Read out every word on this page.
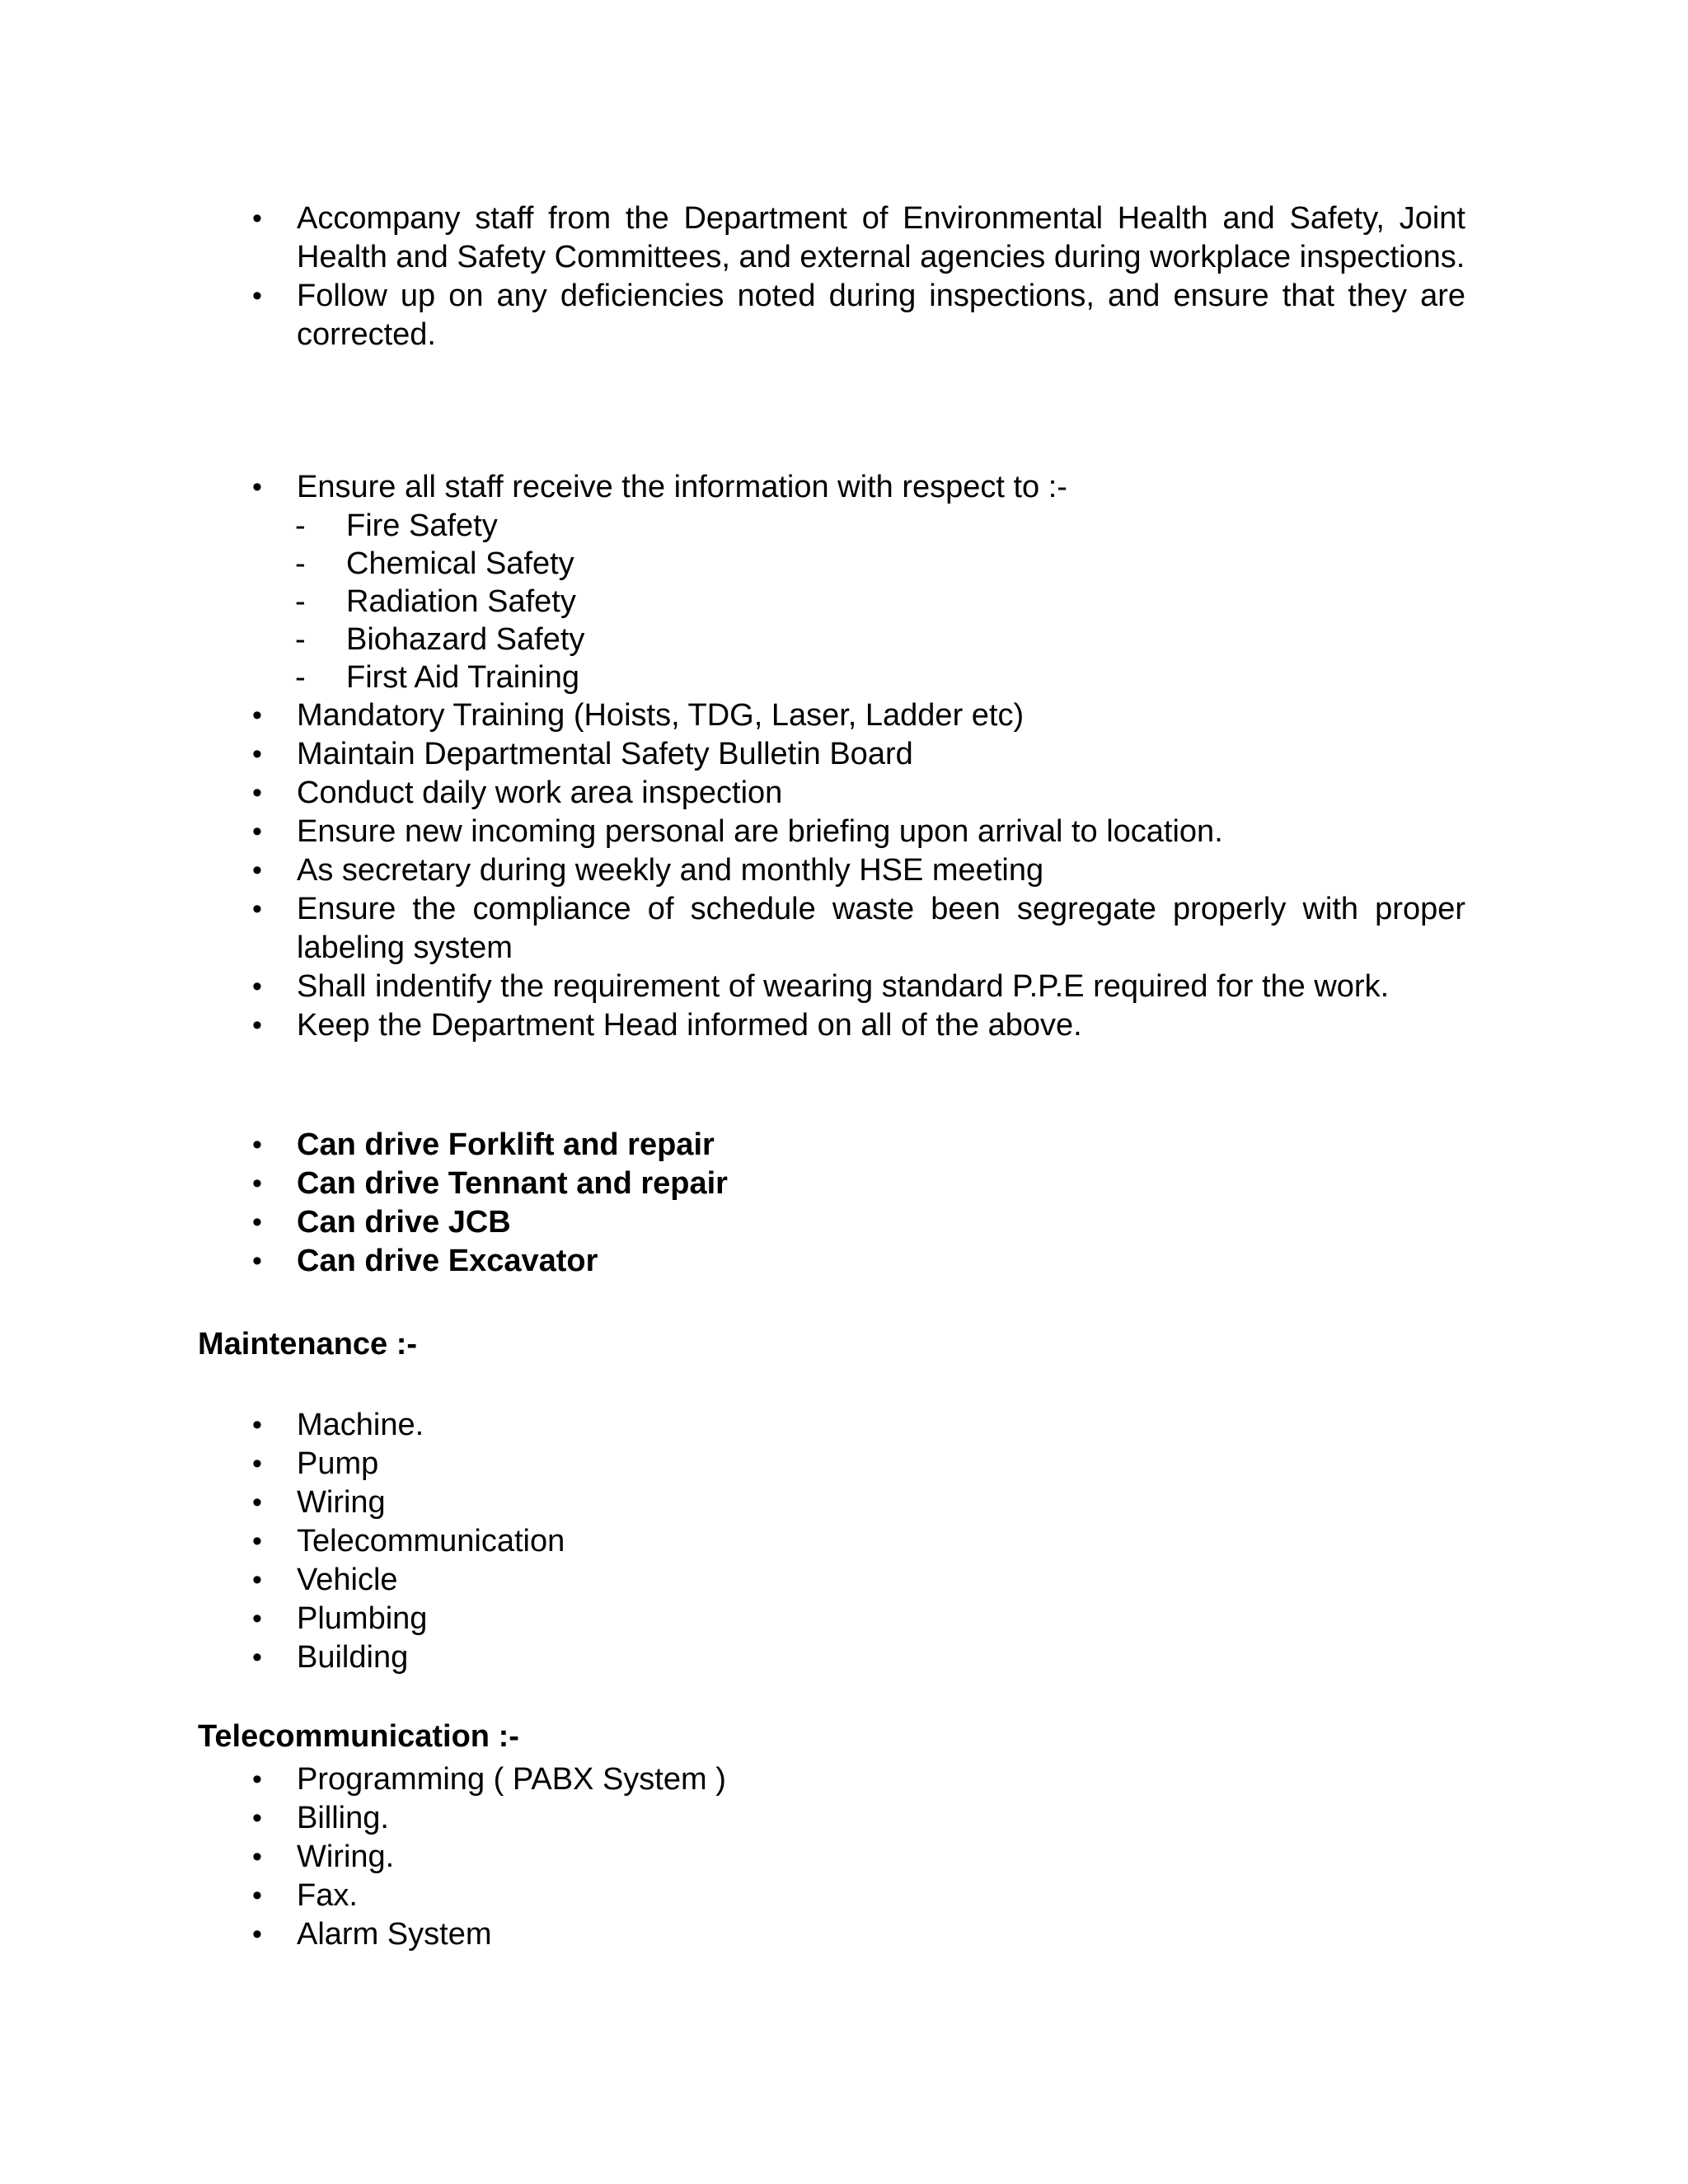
• Accompany staff from the Department of Environmental Health and Safety, Joint Health and Safety Committees, and external agencies during workplace inspections.
• Follow up on any deficiencies noted during inspections, and ensure that they are corrected.
• Ensure all staff receive the information with respect to :-
- Fire Safety
- Chemical Safety
- Radiation Safety
- Biohazard Safety
- First Aid Training
• Mandatory Training (Hoists, TDG, Laser, Ladder etc)
• Maintain Departmental Safety Bulletin Board
• Conduct daily work area inspection
• Ensure new incoming personal are briefing upon arrival to location.
• As secretary during weekly and monthly HSE meeting
• Ensure the compliance of schedule waste been segregate properly with proper labeling system
• Shall indentify the requirement of wearing standard P.P.E required for the work.
• Keep the Department Head informed on all of the above.
• Can drive Forklift and repair
• Can drive Tennant and repair
• Can drive JCB
• Can drive Excavator

Maintenance :-

• Machine.
• Pump
• Wiring
• Telecommunication
• Vehicle
• Plumbing
• Building

Telecommunication :-

• Programming ( PABX System )
• Billing.
• Wiring.
• Fax.
• Alarm System
